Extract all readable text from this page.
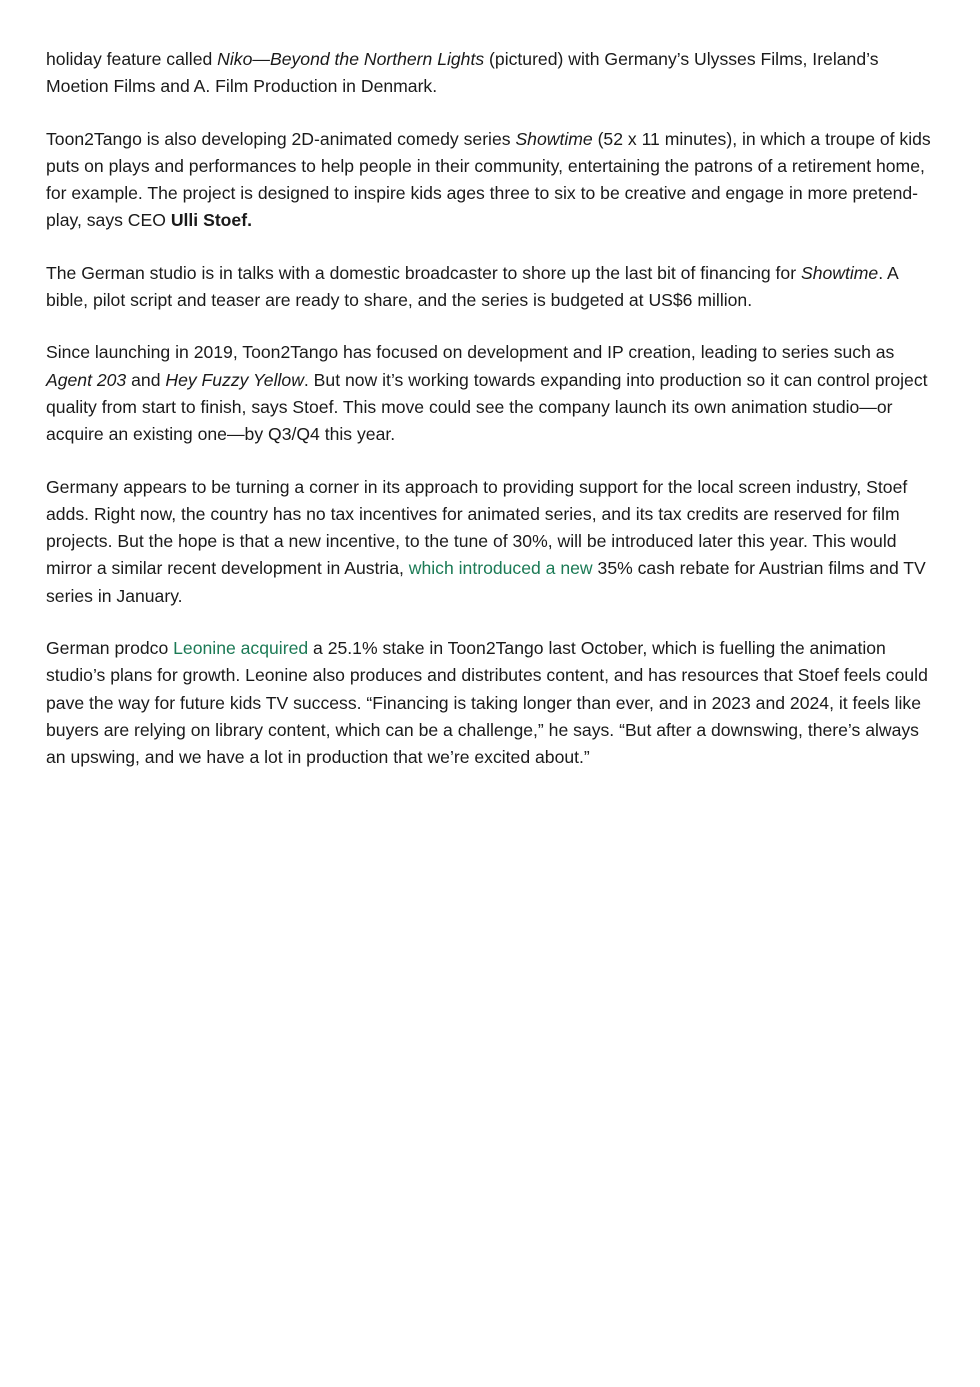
holiday feature called Niko—Beyond the Northern Lights (pictured) with Germany’s Ulysses Films, Ireland’s Moetion Films and A. Film Production in Denmark.

Toon2Tango is also developing 2D-animated comedy series Showtime (52 x 11 minutes), in which a troupe of kids puts on plays and performances to help people in their community, entertaining the patrons of a retirement home, for example. The project is designed to inspire kids ages three to six to be creative and engage in more pretend-play, says CEO Ulli Stoef.

The German studio is in talks with a domestic broadcaster to shore up the last bit of financing for Showtime. A bible, pilot script and teaser are ready to share, and the series is budgeted at US$6 million.

Since launching in 2019, Toon2Tango has focused on development and IP creation, leading to series such as Agent 203 and Hey Fuzzy Yellow. But now it’s working towards expanding into production so it can control project quality from start to finish, says Stoef. This move could see the company launch its own animation studio—or acquire an existing one—by Q3/Q4 this year.

Germany appears to be turning a corner in its approach to providing support for the local screen industry, Stoef adds. Right now, the country has no tax incentives for animated series, and its tax credits are reserved for film projects. But the hope is that a new incentive, to the tune of 30%, will be introduced later this year. This would mirror a similar recent development in Austria, which introduced a new 35% cash rebate for Austrian films and TV series in January.

German prodco Leonine acquired a 25.1% stake in Toon2Tango last October, which is fuelling the animation studio’s plans for growth. Leonine also produces and distributes content, and has resources that Stoef feels could pave the way for future kids TV success. “Financing is taking longer than ever, and in 2023 and 2024, it feels like buyers are relying on library content, which can be a challenge,” he says. “But after a downswing, there’s always an upswing, and we have a lot in production that we’re excited about.”
